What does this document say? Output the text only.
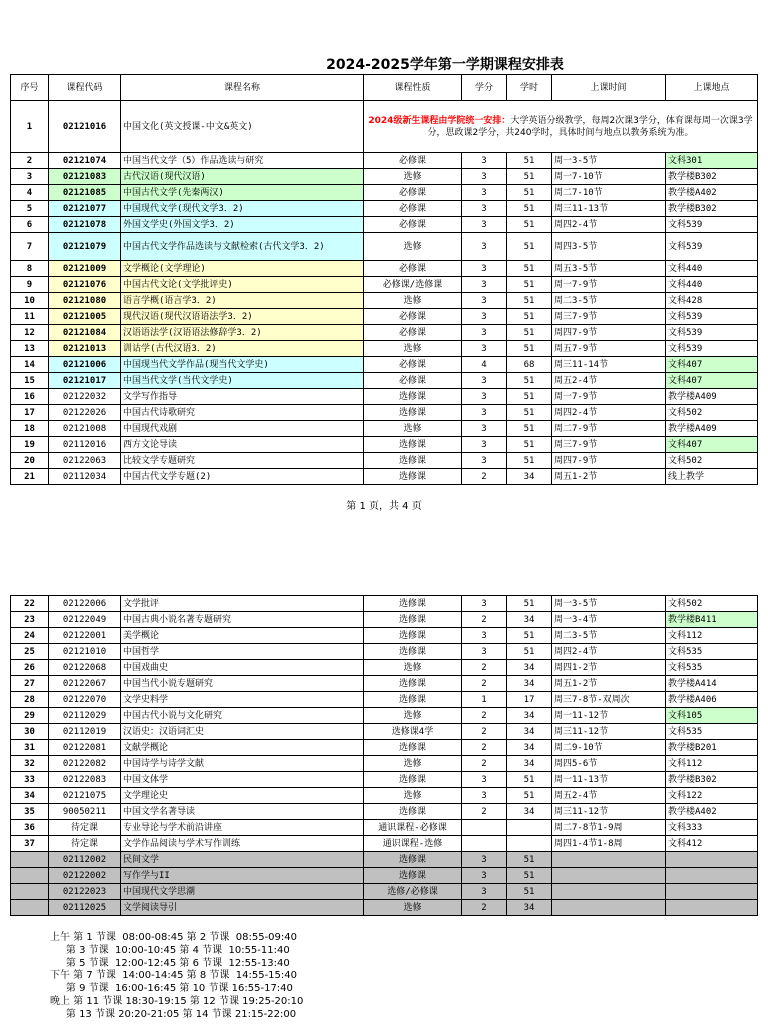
2024-2025学年第一学期课程安排表
序号	课程代码	课程名称	课程性质	学分	学时	上课时间	上课地点
1	02121016	中国文化(英文授课-中文&英文)	2024级新生课程由学院统一安排：大学英语分级教学，每周2次课3学分，体育课每周一次课3学分，思政课2学分，共240学时，具体时间与地点以教务系统为准。				
2	02121074	中国当代文学（5）作品选读与研究	必修课	3	51	周一3-5节	文科301
3	02121083	古代汉语(现代汉语)	选修	3	51	周一7-10节	教学楼B302
4	02121085	中国古代文学(先秦两汉)	必修课	3	51	周二7-10节	教学楼A402
5	02121077	中国现代文学(现代文学3．2)	必修课	3	51	周三11-13节	教学楼B302
6	02121078	外国文学史(外国文学3．2)	必修课	3	51	周四2-4节	文科539
7	02121079	中国古代文学作品选读与文献检索(古代文学3．2)	选修	3	51	周四3-5节	文科539
8	02121009	文学概论(文学理论)	必修课	3	51	周五3-5节	文科440
9	02121076	中国古代文论(文学批评史)	必修课/选修课	3	51	周一7-9节	文科440
10	02121080	语言学概(语言学3．2)	选修	3	51	周二3-5节	文科428
11	02121005	现代汉语(现代汉语语法学3．2)	必修课	3	51	周三7-9节	文科539
12	02121084	汉语语法学(汉语语法修辞学3．2)	必修课	3	51	周四7-9节	文科539
13	02121013	训诂学(古代汉语3．2)	选修	3	51	周五7-9节	文科539
14	02121006	中国现当代文学作品(现当代文学史)	必修课	4	68	周三11-14节	文科407
15	02121017	中国当代文学(当代文学史)	必修课	3	51	周五2-4节	文科407
16	02122032	文学写作指导	选修课	3	51	周一7-9节	教学楼A409
17	02122026	中国古代诗歌研究	选修课	3	51	周四2-4节	文科502
18	02121008	中国现代戏剧	选修	3	51	周二7-9节	教学楼A409
19	02112016	西方文论导读	选修课	3	51	周三7-9节	文科407
20	02122063	比较文学专题研究	选修课	3	51	周四7-9节	文科502
21	02112034	中国古代文学专题(2)	选修课	2	34	周五1-2节	线上教学
第 1 页，共 4 页
22	02122006	文学批评	选修课	3	51	周一3-5节	文科502
23	02122049	中国古典小说名著专题研究	选修课	2	34	周一3-4节	教学楼B411
24	02122001	美学概论	选修课	3	51	周二3-5节	文科112
25	02121010	中国哲学	选修课	3	51	周四2-4节	文科535
26	02122068	中国戏曲史	选修	2	34	周四1-2节	文科535
27	02122067	中国当代小说专题研究	选修课	2	34	周五1-2节	教学楼A414
28	02122070	文学史料学	选修课	1	17	周三7-8节-双周次	教学楼A406
29	02112029	中国古代小说与文化研究	选修	2	34	周一11-12节	文科105
30	02112019	汉语史：汉语词汇史	选修课4学	2	34	周三11-12节	文科535
31	02122081	文献学概论	选修课	2	34	周二9-10节	教学楼B201
32	02122082	中国诗学与诗学文献	选修	2	34	周四5-6节	文科112
33	02122083	中国文体学	选修课	3	51	周一11-13节	教学楼B302
34	02121075	文学理论史	选修	3	51	周五2-4节	文科122
35	90050211	中国文学名著导读	选修课	2	34	周三11-12节	教学楼A402
36	待定课	专业导论与学术前沿讲座	通识课程-必修课			周二7-8节1-9周	文科333
37	待定课	文学作品阅读与学术写作训练	通识课程-选修			周四1-4节1-8周	文科412
	02112002	民间文学	选修课	3	51		
	02122002	写作学与II	选修课	3	51		
	02122023	中国现代文学思潮	选修/必修课	3	51		
	02112025	文学阅读导引	选修	2	34		
上午 第 1 节课  08:00-08:45 第 2 节课  08:55-09:40
第 3 节课  10:00-10:45 第 4 节课  10:55-11:40
第 5 节课  12:00-12:45 第 6 节课  12:55-13:40
下午 第 7 节课  14:00-14:45 第 8 节课  14:55-15:40
第 9 节课  16:00-16:45 第 10 节课 16:55-17:40
晚上 第 11 节课 18:30-19:15 第 12 节课 19:25-20:10
第 13 节课 20:20-21:05 第 14 节课 21:15-22:00
